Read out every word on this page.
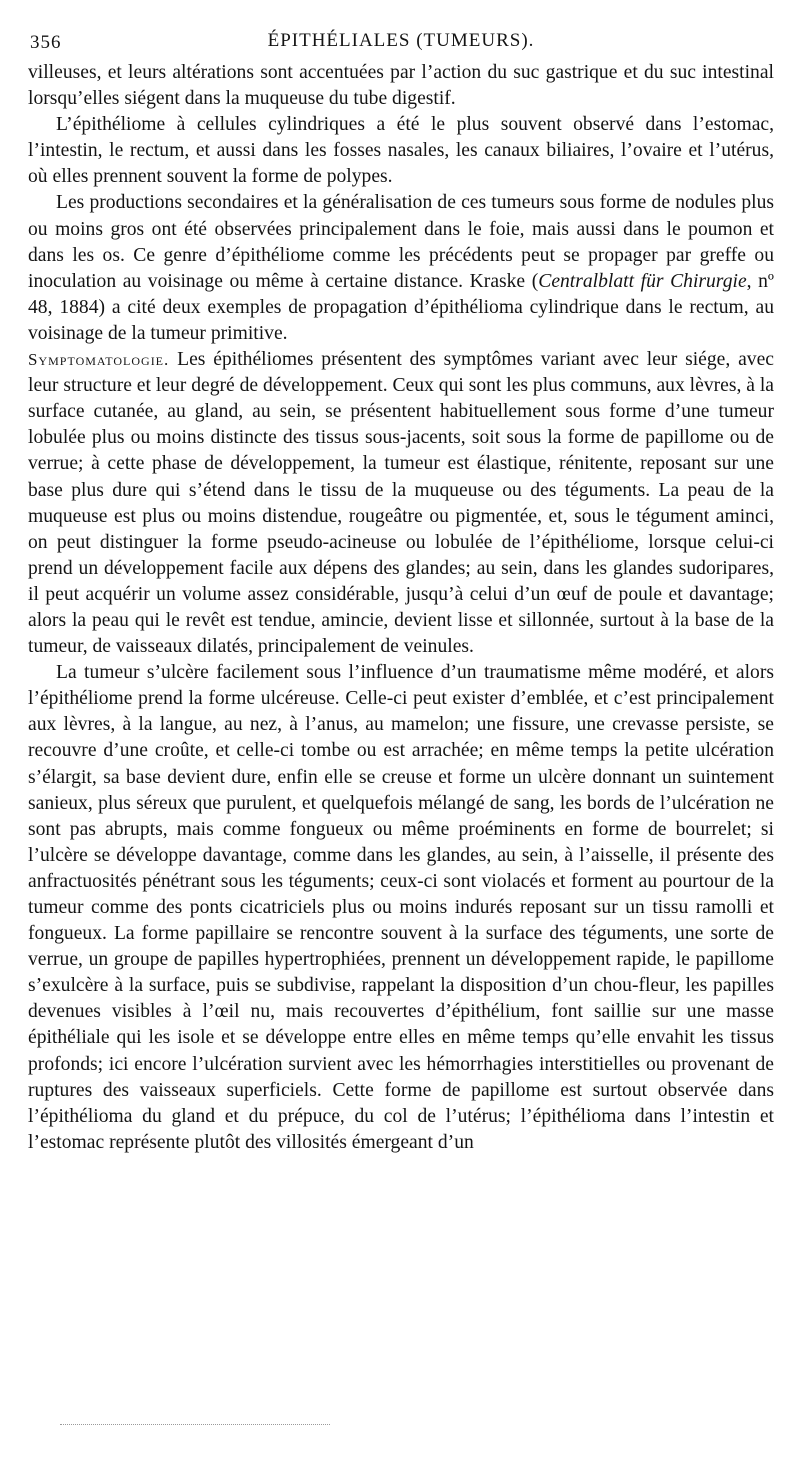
356	ÉPITHÉLIALES (TUMEURS).

villeuses, et leurs altérations sont accentuées par l’action du suc gastrique et du suc intestinal lorsqu’elles siégent dans la muqueuse du tube digestif.

L’épithéliome à cellules cylindriques a été le plus souvent observé dans l’estomac, l’intestin, le rectum, et aussi dans les fosses nasales, les canaux biliaires, l’ovaire et l’utérus, où elles prennent souvent la forme de polypes.

Les productions secondaires et la généralisation de ces tumeurs sous forme de nodules plus ou moins gros ont été observées principalement dans le foie, mais aussi dans le poumon et dans les os. Ce genre d’épithéliome comme les précédents peut se propager par greffe ou inoculation au voisinage ou même à certaine distance. Kraske (Centralblatt für Chirurgie, nº 48, 1884) a cité deux exemples de propagation d’épithélioma cylindrique dans le rectum, au voisinage de la tumeur primitive.

Symptomatologie. Les épithéliomes présentent des symptômes variant avec leur siége, avec leur structure et leur degré de développement. Ceux qui sont les plus communs, aux lèvres, à la surface cutanée, au gland, au sein, se présentent habituellement sous forme d’une tumeur lobulée plus ou moins distincte des tissus sous-jacents, soit sous la forme de papillome ou de verrue; à cette phase de développement, la tumeur est élastique, rénitente, reposant sur une base plus dure qui s’étend dans le tissu de la muqueuse ou des téguments. La peau de la muqueuse est plus ou moins distendue, rougeâtre ou pigmentée, et, sous le tégument aminci, on peut distinguer la forme pseudo-acineuse ou lobulée de l’épithéliome, lorsque celui-ci prend un développement facile aux dépens des glandes; au sein, dans les glandes sudoripares, il peut acquérir un volume assez considérable, jusqu’à celui d’un œuf de poule et davantage; alors la peau qui le revêt est tendue, amincie, devient lisse et sillonnée, surtout à la base de la tumeur, de vaisseaux dilatés, principalement de veinules.

La tumeur s’ulcère facilement sous l’influence d’un traumatisme même modéré, et alors l’épithéliome prend la forme ulcéreuse. Celle-ci peut exister d’emblée, et c’est principalement aux lèvres, à la langue, au nez, à l’anus, au mamelon; une fissure, une crevasse persiste, se recouvre d’une croûte, et celle-ci tombe ou est arrachée; en même temps la petite ulcération s’élargit, sa base devient dure, enfin elle se creuse et forme un ulcère donnant un suintement sanieux, plus séreux que purulent, et quelquefois mélangé de sang, les bords de l’ulcération ne sont pas abrupts, mais comme fongueux ou même proéminents en forme de bourrelet; si l’ulcère se développe davantage, comme dans les glandes, au sein, à l’aisselle, il présente des anfractuosités pénétrant sous les téguments; ceux-ci sont violacés et forment au pourtour de la tumeur comme des ponts cicatriciels plus ou moins indurés reposant sur un tissu ramolli et fongueux. La forme papillaire se rencontre souvent à la surface des téguments, une sorte de verrue, un groupe de papilles hypertrophiées, prennent un développement rapide, le papillome s’exulcère à la surface, puis se subdivise, rappelant la disposition d’un chou-fleur, les papilles devenues visibles à l’œil nu, mais recouvertes d’épithélium, font saillie sur une masse épithéliale qui les isole et se développe entre elles en même temps qu’elle envahit les tissus profonds; ici encore l’ulcération survient avec les hémorrhagies interstitielles ou provenant de ruptures des vaisseaux superficiels. Cette forme de papillome est surtout observée dans l’épithélioma du gland et du prépuce, du col de l’utérus; l’épithélioma dans l’intestin et l’estomac représente plutôt des villosités émergeant d’un
